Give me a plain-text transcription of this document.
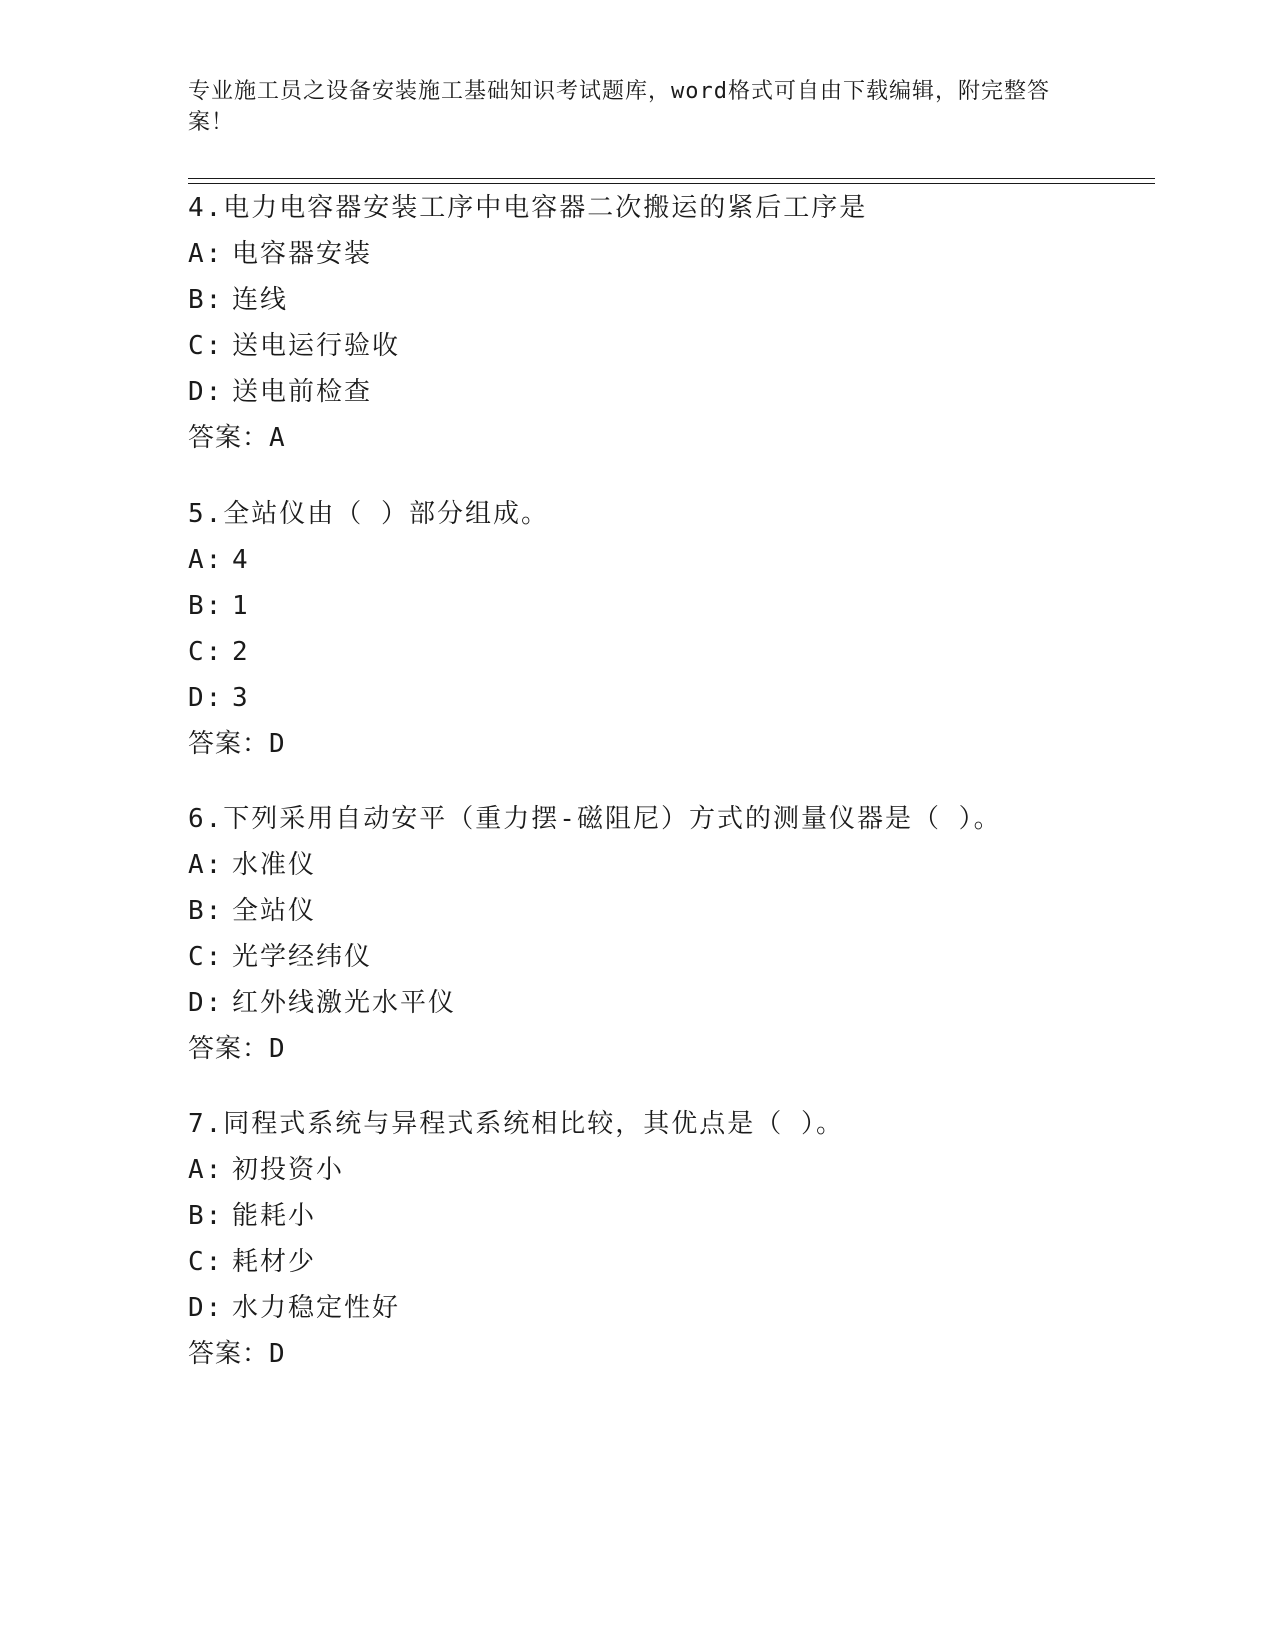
专业施工员之设备安装施工基础知识考试题库，word格式可自由下载编辑，附完整答案！
4.电力电容器安装工序中电容器二次搬运的紧后工序是
A: 电容器安装
B: 连线
C: 送电运行验收
D: 送电前检查
答案：A
5.全站仪由（ ）部分组成。
A: 4
B: 1
C: 2
D: 3
答案：D
6.下列采用自动安平（重力摆-磁阻尼）方式的测量仪器是（ ）。
A: 水准仪
B: 全站仪
C: 光学经纬仪
D: 红外线激光水平仪
答案：D
7.同程式系统与异程式系统相比较，其优点是（ ）。
A: 初投资小
B: 能耗小
C: 耗材少
D: 水力稳定性好
答案：D
